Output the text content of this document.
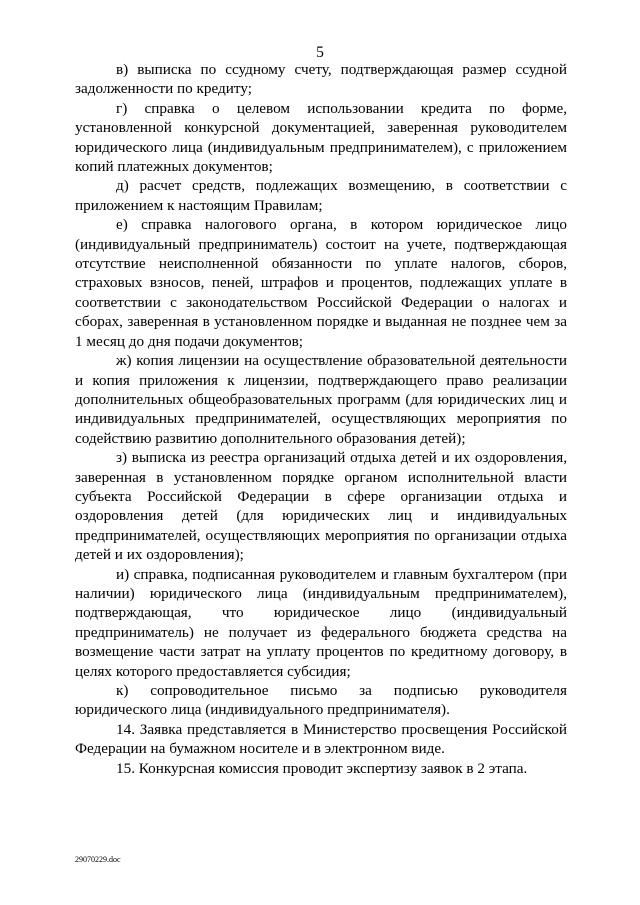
5

в) выписка по ссудному счету, подтверждающая размер ссудной задолженности по кредиту;

г) справка о целевом использовании кредита по форме, установленной конкурсной документацией, заверенная руководителем юридического лица (индивидуальным предпринимателем), с приложением копий платежных документов;

д) расчет средств, подлежащих возмещению, в соответствии с приложением к настоящим Правилам;

е) справка налогового органа, в котором юридическое лицо (индивидуальный предприниматель) состоит на учете, подтверждающая отсутствие неисполненной обязанности по уплате налогов, сборов, страховых взносов, пеней, штрафов и процентов, подлежащих уплате в соответствии с законодательством Российской Федерации о налогах и сборах, заверенная в установленном порядке и выданная не позднее чем за 1 месяц до дня подачи документов;

ж) копия лицензии на осуществление образовательной деятельности и копия приложения к лицензии, подтверждающего право реализации дополнительных общеобразовательных программ (для юридических лиц и индивидуальных предпринимателей, осуществляющих мероприятия по содействию развитию дополнительного образования детей);

з) выписка из реестра организаций отдыха детей и их оздоровления, заверенная в установленном порядке органом исполнительной власти субъекта Российской Федерации в сфере организации отдыха и оздоровления детей (для юридических лиц и индивидуальных предпринимателей, осуществляющих мероприятия по организации отдыха детей и их оздоровления);

и) справка, подписанная руководителем и главным бухгалтером (при наличии) юридического лица (индивидуальным предпринимателем), подтверждающая, что юридическое лицо (индивидуальный предприниматель) не получает из федерального бюджета средства на возмещение части затрат на уплату процентов по кредитному договору, в целях которого предоставляется субсидия;

к) сопроводительное письмо за подписью руководителя юридического лица (индивидуального предпринимателя).

14. Заявка представляется в Министерство просвещения Российской Федерации на бумажном носителе и в электронном виде.

15. Конкурсная комиссия проводит экспертизу заявок в 2 этапа.

29070229.doc
